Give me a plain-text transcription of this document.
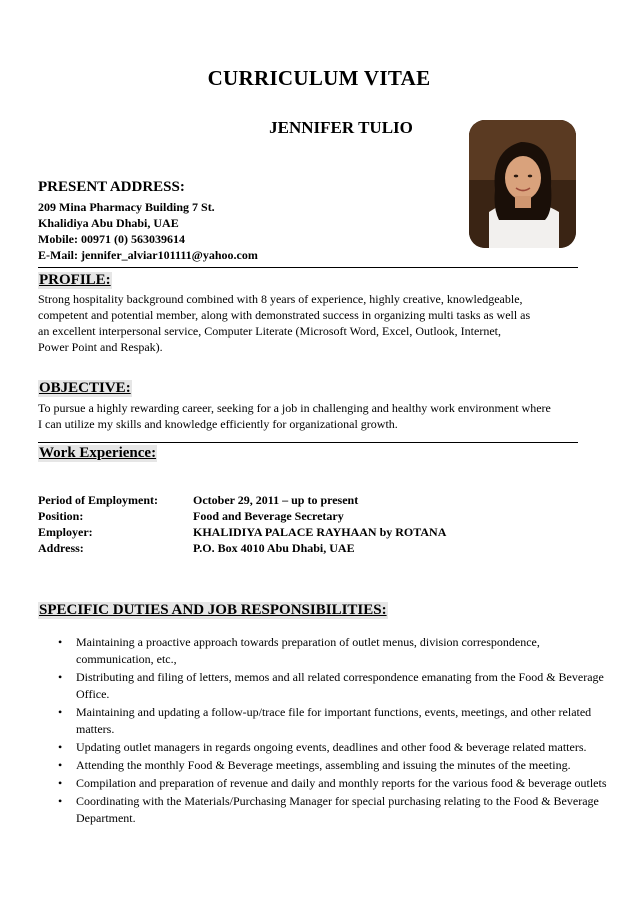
CURRICULUM VITAE
JENNIFER TULIO
PRESENT ADDRESS:
209 Mina Pharmacy Building 7 St.
Khalidiya Abu Dhabi, UAE
Mobile: 00971 (0) 563039614
E-Mail: jennifer_alviar101111@yahoo.com
PROFILE:
Strong hospitality background combined with 8 years of experience, highly creative, knowledgeable,
competent and potential member, along with demonstrated success in organizing multi tasks as well as
an excellent interpersonal service, Computer Literate (Microsoft Word, Excel, Outlook, Internet,
Power Point and Respak).
OBJECTIVE:
To pursue a highly rewarding career, seeking for a job in challenging and healthy work environment where
I can utilize my skills and knowledge efficiently for organizational growth.
Work Experience:
Period of Employment:	October 29, 2011 – up to present
Position:	Food and Beverage Secretary
Employer:	KHALIDIYA PALACE RAYHAAN by ROTANA
Address:	P.O. Box 4010 Abu Dhabi, UAE
SPECIFIC DUTIES AND JOB RESPONSIBILITIES:
• Maintaining a proactive approach towards preparation of outlet menus, division correspondence, communication, etc.,
• Distributing and filing of letters, memos and all related correspondence emanating from the Food & Beverage Office.
• Maintaining and updating a follow-up/trace file for important functions, events, meetings, and other related matters.
• Updating outlet managers in regards ongoing events, deadlines and other food & beverage related matters.
• Attending the monthly Food & Beverage meetings, assembling and issuing the minutes of the meeting.
• Compilation and preparation of revenue and daily and monthly reports for the various food & beverage outlets
• Coordinating with the Materials/Purchasing Manager for special purchasing relating to the Food & Beverage Department.
